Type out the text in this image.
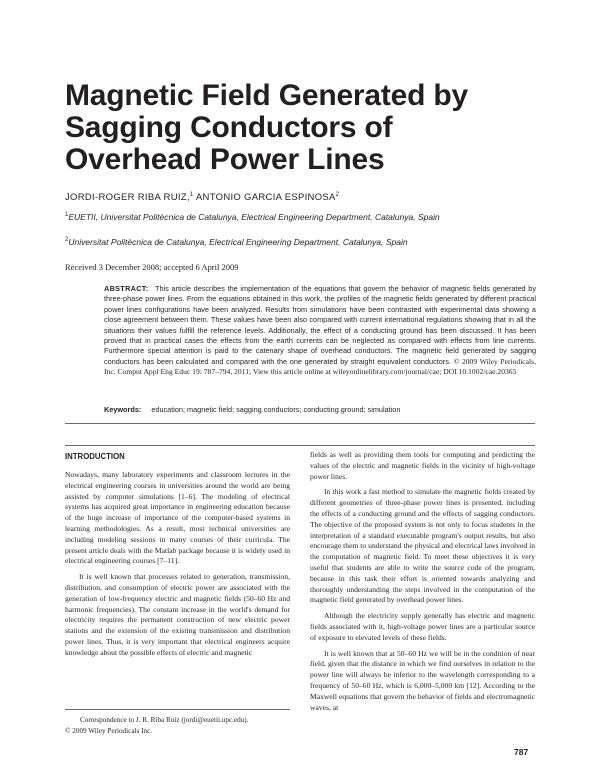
Magnetic Field Generated by
Sagging Conductors of
Overhead Power Lines
JORDI-ROGER RIBA RUIZ,$^1$ ANTONIO GARCIA ESPINOSA$^2$
$^1$EUETII, Universitat Politècnica de Catalunya, Electrical Engineering Department, Catalunya, Spain
$^2$Universitat Politècnica de Catalunya, Electrical Engineering Department, Catalunya, Spain
Received 3 December 2008; accepted 6 April 2009
ABSTRACT: This article describes the implementation of the equations that govern the behavior of magnetic fields generated by three-phase power lines. From the equations obtained in this work, the profiles of the magnetic fields generated by different practical power lines configurations have been analyzed. Results from simulations have been contrasted with experimental data showing a close agreement between them. These values have been also compared with current international regulations showing that in all the situations their values fulfill the reference levels. Additionally, the effect of a conducting ground has been discussed. It has been proved that in practical cases the effects from the earth currents can be neglected as compared with effects from line currents. Furthermore special attention is paid to the catenary shape of overhead conductors. The magnetic field generated by sagging conductors has been calculated and compared with the one generated by straight equivalent conductors. © 2009 Wiley Periodicals, Inc. Comput Appl Eng Educ 19: 787–794, 2011; View this article online at wileyonlinelibrary.com/journal/cae; DOI 10.1002/cae.20365
Keywords: education; magnetic field; sagging conductors; conducting ground; simulation
INTRODUCTION

Nowadays, many laboratory experiments and classroom lectures in the electrical engineering courses in universities around the world are being assisted by computer simulations [1–6]. The modeling of electrical systems has acquired great importance in engineering education because of the huge increase of importance of the computer-based systems in learning methodologies. As a result, most technical universities are including modeling sessions in many courses of their curricula. The present article deals with the Matlab package because it is widely used in electrical engineering courses [7–11].

It is well known that processes related to generation, transmission, distribution, and consumption of electric power are associated with the generation of low-frequency electric and magnetic fields (50–60 Hz and harmonic frequencies). The constant increase in the world's demand for electricity requires the permanent construction of new electric power stations and the extension of the existing transmission and distribution power lines. Thus, it is very important that electrical engineers acquire knowledge about the possible effects of electric and magnetic

fields as well as providing them tools for computing and predicting the values of the electric and magnetic fields in the vicinity of high-voltage power lines.

In this work a fast method to simulate the magnetic fields created by different geometries of three-phase power lines is presented, including the effects of a conducting ground and the effects of sagging conductors. The objective of the proposed system is not only to focus students in the interpretation of a standard executable program's output results, but also encourage them to understand the physical and electrical laws involved in the computation of magnetic field. To meet these objectives it is very useful that students are able to write the source code of the program, because in this task their effort is oriented towards analyzing and thoroughly understanding the steps involved in the computation of the magnetic field generated by overhead power lines.

Although the electricity supply generally has electric and magnetic fields associated with it, high-voltage power lines are a particular source of exposure to elevated levels of these fields.

It is well known that at 50–60 Hz we will be in the condition of near field, given that the distance in which we find ourselves in relation to the power line will always be inferior to the wavelength corresponding to a frequency of 50–60 Hz, which is 6,000–5,000 km [12]. According to the Maxwell equations that govern the behavior of fields and electromagnetic waves, at

Correspondence to J. R. Riba Ruiz (jordi@euetii.upc.edu).
© 2009 Wiley Periodicals Inc.
787
